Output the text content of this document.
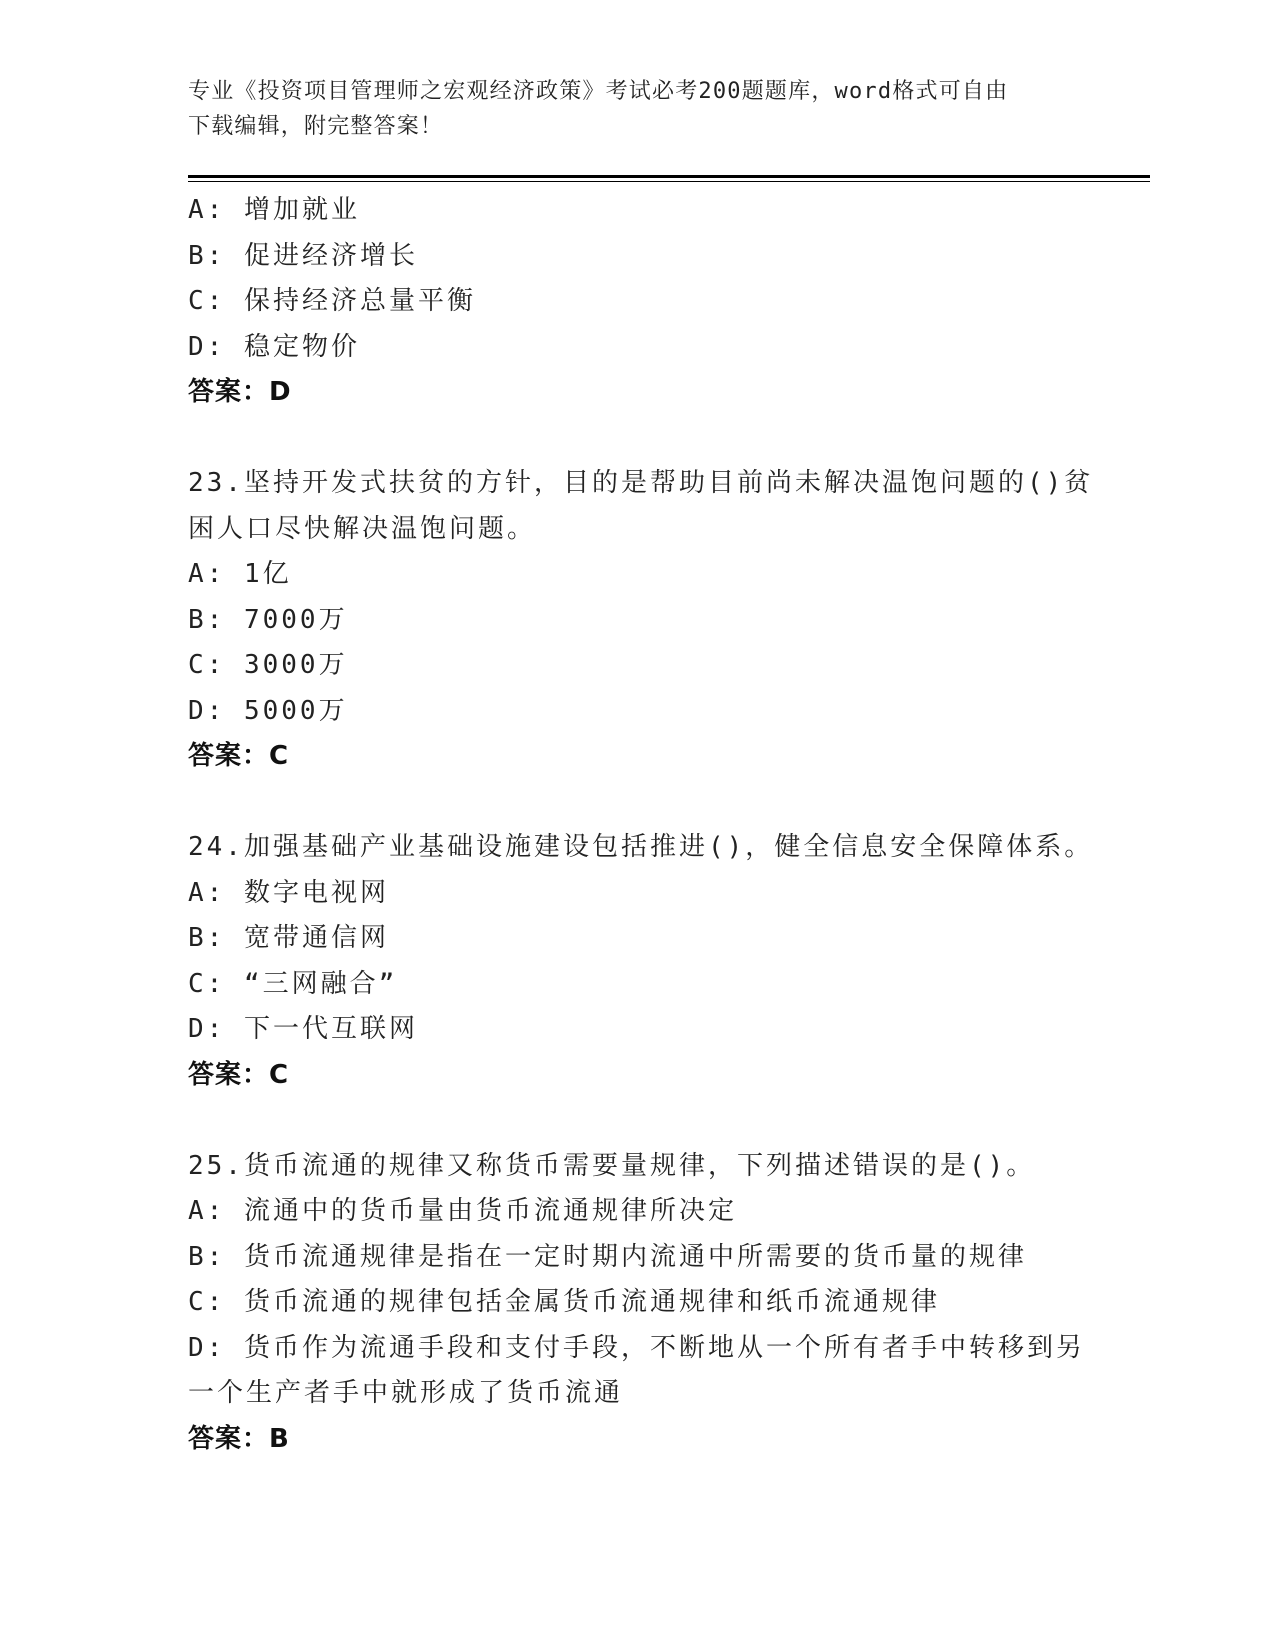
专业《投资项目管理师之宏观经济政策》考试必考200题题库，word格式可自由
下载编辑，附完整答案！
A: 增加就业
B: 促进经济增长
C: 保持经济总量平衡
D: 稳定物价
答案：D
23.坚持开发式扶贫的方针，目的是帮助目前尚未解决温饱问题的()贫
困人口尽快解决温饱问题。
A: 1亿
B: 7000万
C: 3000万
D: 5000万
答案：C
24.加强基础产业基础设施建设包括推进()，健全信息安全保障体系。
A: 数字电视网
B: 宽带通信网
C: “三网融合”
D: 下一代互联网
答案：C
25.货币流通的规律又称货币需要量规律，下列描述错误的是()。
A: 流通中的货币量由货币流通规律所决定
B: 货币流通规律是指在一定时期内流通中所需要的货币量的规律
C: 货币流通的规律包括金属货币流通规律和纸币流通规律
D: 货币作为流通手段和支付手段，不断地从一个所有者手中转移到另
一个生产者手中就形成了货币流通
答案：B
